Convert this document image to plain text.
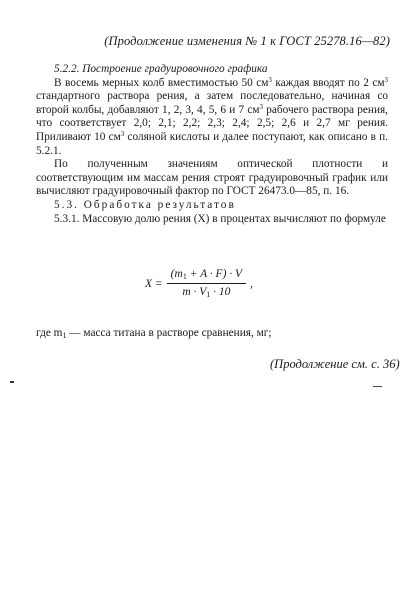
(Продолжение изменения № 1 к ГОСТ 25278.16—82)

5.2.2. Построение градуировочного графика

В восемь мерных колб вместимостью 50 $см^3$ каждая вводят по 2 $см^3$ стандартного раствора рения, а затем последовательно, начиная со второй колбы, добавляют 1, 2, 3, 4, 5, 6 и 7 $см^3$ рабочего раствора рения, что соответствует 2,0; 2,1; 2,2; 2,3; 2,4; 2,5; 2,6 и 2,7 мг рения. Приливают 10 $см^3$ соляной кислоты и далее поступают, как описано в п. 5.2.1.

По полученным значениям оптической плотности и соответствующим им массам рения строят градуировочный график или вычисляют градуировочный фактор по ГОСТ 26473.0—85, п. 16.

5.3. Обработка результатов

5.3.1. Массовую долю рения (X) в процентах вычисляют по формуле

$X = \frac{(m_1 + A \cdot F) \cdot V}{m \cdot V_1 \cdot 10}$ ,
где $m_1$ — масса титана в растворе сравнения, мг;
(Продолжение см. с. 36)
